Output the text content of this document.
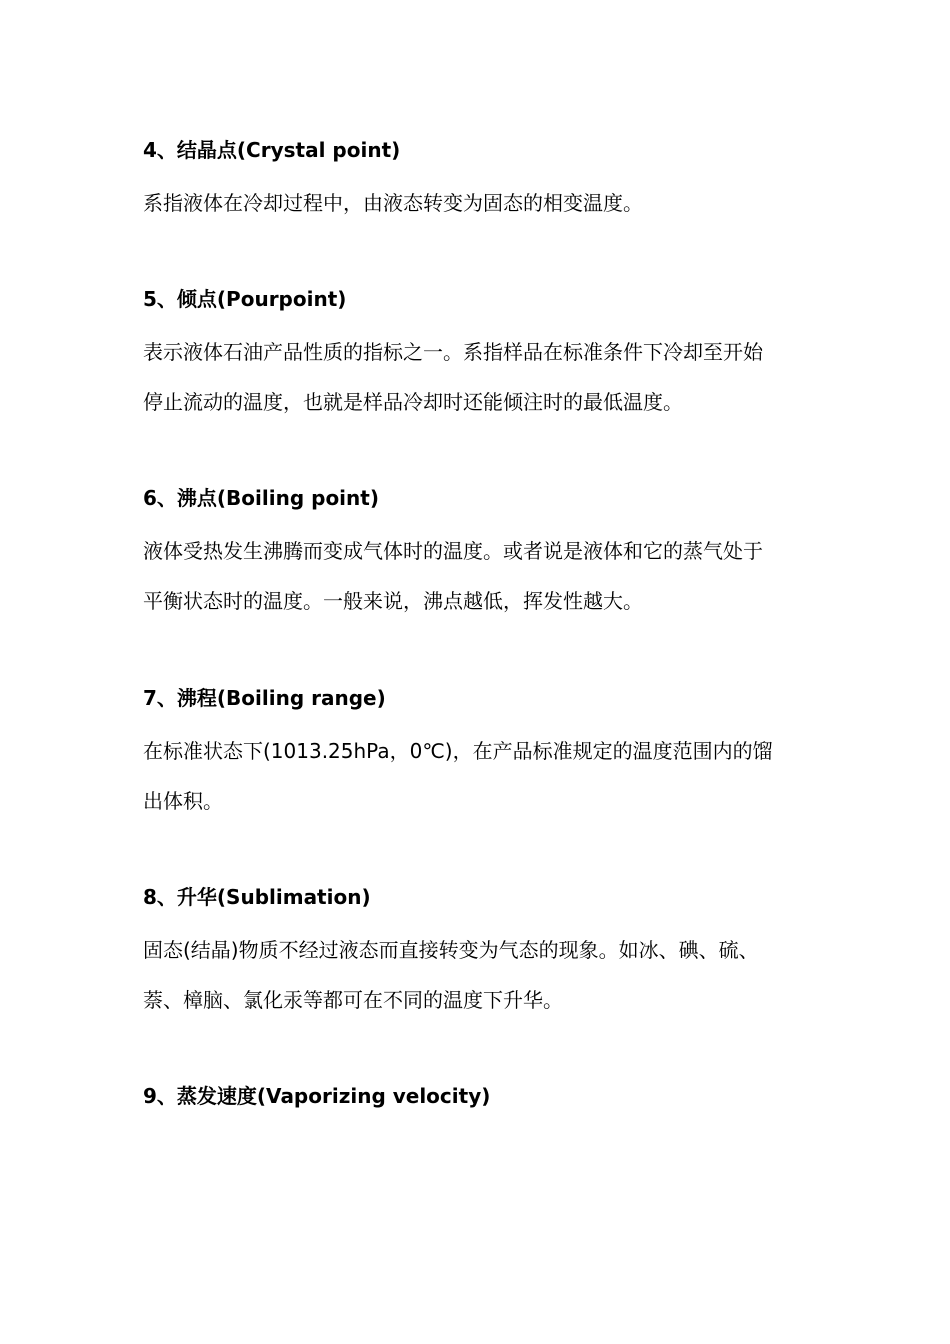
4、结晶点(Crystal point)

系指液体在冷却过程中，由液态转变为固态的相变温度。

5、倾点(Pourpoint)

表示液体石油产品性质的指标之一。系指样品在标准条件下冷却至开始
停止流动的温度，也就是样品冷却时还能倾注时的最低温度。

6、沸点(Boiling point)

液体受热发生沸腾而变成气体时的温度。或者说是液体和它的蒸气处于
平衡状态时的温度。一般来说，沸点越低，挥发性越大。

7、沸程(Boiling range)

在标准状态下(1013.25hPa，0℃)，在产品标准规定的温度范围内的馏
出体积。

8、升华(Sublimation)

固态(结晶)物质不经过液态而直接转变为气态的现象。如冰、碘、硫、
萘、樟脑、氯化汞等都可在不同的温度下升华。

9、蒸发速度(Vaporizing velocity)
